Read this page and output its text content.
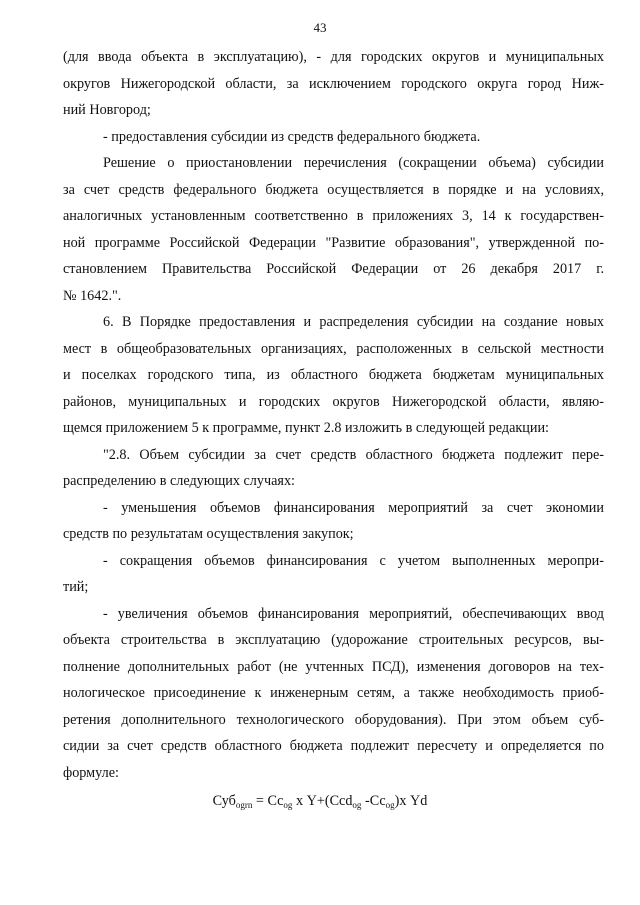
43
(для ввода объекта в эксплуатацию), - для городских округов и муниципальных
округов Нижегородской области, за исключением городского округа город Ниж-
ний Новгород;
- предоставления субсидии из средств федерального бюджета.
Решение о приостановлении перечисления (сокращении объема) субсидии
за счет средств федерального бюджета осуществляется в порядке и на условиях,
аналогичных установленным соответственно в приложениях 3, 14 к государствен-
ной программе Российской Федерации "Развитие образования", утвержденной по-
становлением Правительства Российской Федерации от 26 декабря 2017 г.
№ 1642.".
6. В Порядке предоставления и распределения субсидии на создание новых
мест в общеобразовательных организациях, расположенных в сельской местности
и поселках городского типа, из областного бюджета бюджетам муниципальных
районов, муниципальных и городских округов Нижегородской области, являю-
щемся приложением 5 к программе, пункт 2.8 изложить в следующей редакции:
"2.8. Объем субсидии за счет средств областного бюджета подлежит пере-
распределению в следующих случаях:
- уменьшения объемов финансирования мероприятий за счет экономии
средств по результатам осуществления закупок;
- сокращения объемов финансирования с учетом выполненных меропри-
тий;
- увеличения объемов финансирования мероприятий, обеспечивающих ввод
объекта строительства в эксплуатацию (удорожание строительных ресурсов, вы-
полнение дополнительных работ (не учтенных ПСД), изменения договоров на тех-
нологическое присоединение к инженерным сетям, а также необходимость приоб-
ретения дополнительного технологического оборудования). При этом объем суб-
сидии за счет средств областного бюджета подлежит пересчету и определяется по
формуле:
$Суб_{ogrn} = Сс_{og}$ х Y+(Ccd$_{og}$ $-Сс_{og})х$ Yd
